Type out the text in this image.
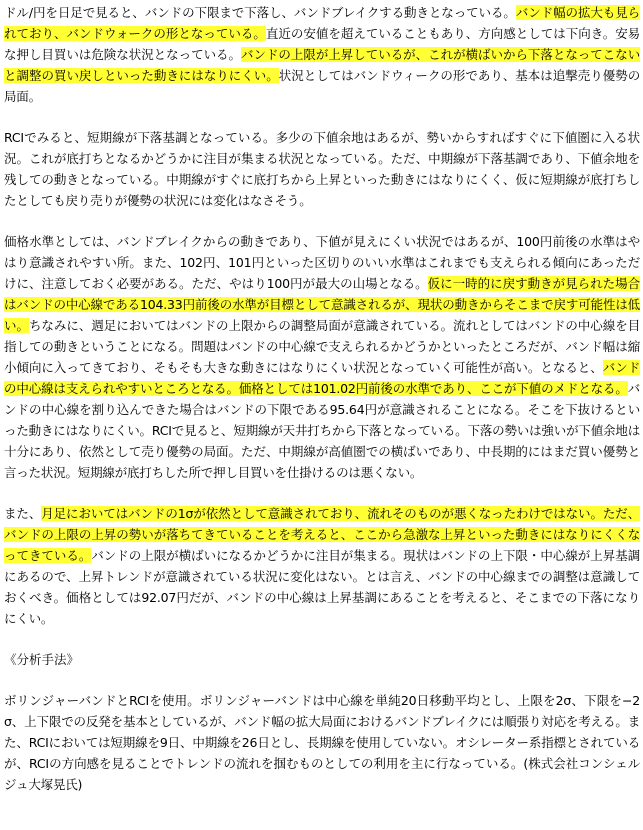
ドル/円を日足で見ると、バンドの下限まで下落し、バンドブレイクする動きとなっている。バンド幅の拡大も見られており、バンドウォークの形となっている。直近の安値を超えていることもあり、方向感としては下向き。安易な押し目買いは危険な状況となっている。バンドの上限が上昇しているが、これが横ばいから下落となってこないと調整の買い戻しといった動きにはなりにくい。状況としてはバンドウィークの形であり、基本は追撃売り優勢の局面。

RCIでみると、短期線が下落基調となっている。多少の下値余地はあるが、勢いからすればすぐに下値圏に入る状況。これが底打ちとなるかどうかに注目が集まる状況となっている。ただ、中期線が下落基調であり、下値余地を残しての動きとなっている。中期線がすぐに底打ちから上昇といった動きにはなりにくく、仮に短期線が底打ちしたとしても戻り売りが優勢の状況には変化はなさそう。

価格水準としては、バンドブレイクからの動きであり、下値が見えにくい状況ではあるが、100円前後の水準はやはり意識されやすい所。また、102円、101円といった区切りのいい水準はこれまでも支えられる傾向にあっただけに、注意しておく必要がある。ただ、やはり100円が最大の山場となる。仮に一時的に戻す動きが見られた場合はバンドの中心線である104.33円前後の水準が目標として意識されるが、現状の動きからそこまで戻す可能性は低い。ちなみに、週足においてはバンドの上限からの調整局面が意識されている。流れとしてはバンドの中心線を目指しての動きということになる。問題はバンドの中心線で支えられるかどうかといったところだが、バンド幅は縮小傾向に入ってきており、そもそも大きな動きにはなりにくい状況となっていく可能性が高い。となると、バンドの中心線は支えられやすいところとなる。価格としては101.02円前後の水準であり、ここが下値のメドとなる。バンドの中心線を割り込んできた場合はバンドの下限である95.64円が意識されることになる。そこを下抜けるといった動きにはなりにくい。RCIで見ると、短期線が天井打ちから下落となっている。下落の勢いは強いが下値余地は十分にあり、依然として売り優勢の局面。ただ、中期線が高値圏での横ばいであり、中長期的にはまだ買い優勢と言った状況。短期線が底打ちした所で押し目買いを仕掛けるのは悪くない。

また、月足においてはバンドの1σが依然として意識されており、流れそのものが悪くなったわけではない。ただ、バンドの上限の上昇の勢いが落ちてきていることを考えると、ここから急激な上昇といった動きにはなりにくくなってきている。バンドの上限が横ばいになるかどうかに注目が集まる。現状はバンドの上下限・中心線が上昇基調にあるので、上昇トレンドが意識されている状況に変化はない。とは言え、バンドの中心線までの調整は意識しておくべき。価格としては92.07円だが、バンドの中心線は上昇基調にあることを考えると、そこまでの下落になりにくい。

《分析手法》

ボリンジャーバンドとRCIを使用。ボリンジャーバンドは中心線を単純20日移動平均とし、上限を2σ、下限を−2σ、上下限での反発を基本としているが、バンド幅の拡大局面におけるバンドブレイクには順張り対応を考える。また、RCIにおいては短期線を9日、中期線を26日とし、長期線を使用していない。オシレーター系指標とされているが、RCIの方向感を見ることでトレンドの流れを掴むものとしての利用を主に行なっている。(株式会社コンシェルジュ大塚晃氏)
